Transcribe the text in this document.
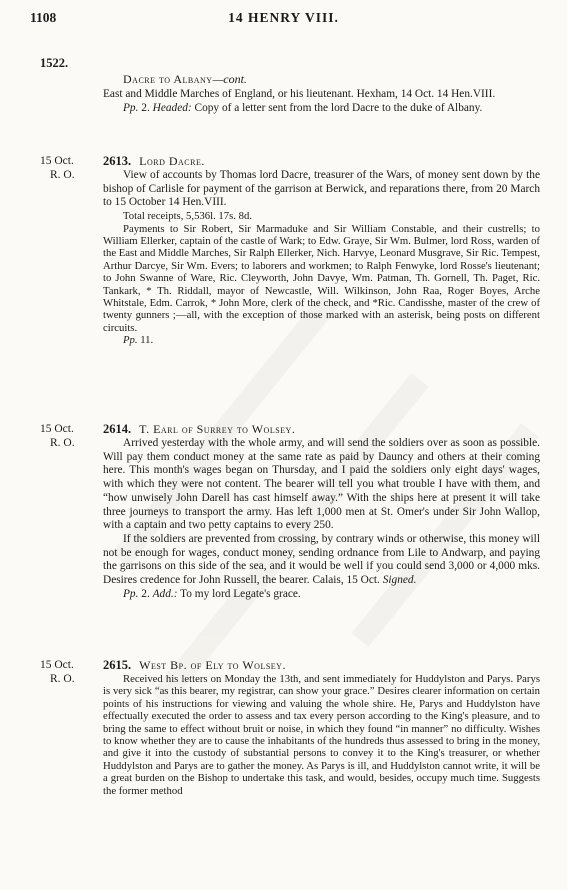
1108	14 HENRY VIII.
1522.

Dacre to Albany—cont.

East and Middle Marches of England, or his lieutenant. Hexham, 14 Oct. 14 Hen.VIII.

Pp. 2. Headed: Copy of a letter sent from the lord Dacre to the duke of Albany.

15 Oct.
R. O.

2613. Lord Dacre.

View of accounts by Thomas lord Dacre, treasurer of the Wars, of money sent down by the bishop of Carlisle for payment of the garrison at Berwick, and reparations there, from 20 March to 15 October 14 Hen.VIII.

Total receipts, 5,536l. 17s. 8d.

Payments to Sir Robert, Sir Marmaduke and Sir William Constable, and their custrells; to William Ellerker, captain of the castle of Wark; to Edw. Graye, Sir Wm. Bulmer, lord Ross, warden of the East and Middle Marches, Sir Ralph Ellerker, Nich. Harvye, Leonard Musgrave, Sir Ric. Tempest, Arthur Darcye, Sir Wm. Evers; to laborers and workmen; to Ralph Fenwyke, lord Rosse's lieutenant; to John Swanne of Ware, Ric. Cleyworth, John Davye, Wm. Patman, Th. Gornell, Th. Paget, Ric. Tankark, * Th. Riddall, mayor of Newcastle, Will. Wilkinson, John Raa, Roger Boyes, Arche Whitstale, Edm. Carrok, * John More, clerk of the check, and *Ric. Candisshe, master of the crew of twenty gunners ;—all, with the exception of those marked with an asterisk, being posts on different circuits.

Pp. 11.

15 Oct.
R. O.

2614. T. Earl of Surrey to Wolsey.

Arrived yesterday with the whole army, and will send the soldiers over as soon as possible. Will pay them conduct money at the same rate as paid by Dauncy and others at their coming here. This month's wages began on Thursday, and I paid the soldiers only eight days' wages, with which they were not content. The bearer will tell you what trouble I have with them, and “how unwisely John Darell has cast himself away.” With the ships here at present it will take three journeys to transport the army. Has left 1,000 men at St. Omer's under Sir John Wallop, with a captain and two petty captains to every 250.

If the soldiers are prevented from crossing, by contrary winds or otherwise, this money will not be enough for wages, conduct money, sending ordnance from Lile to Andwarp, and paying the garrisons on this side of the sea, and it would be well if you could send 3,000 or 4,000 mks. Desires credence for John Russell, the bearer. Calais, 15 Oct. Signed.

Pp. 2. Add.: To my lord Legate's grace.

15 Oct.
R. O.

2615. West Bp. of Ely to Wolsey.

Received his letters on Monday the 13th, and sent immediately for Huddylston and Parys. Parys is very sick “as this bearer, my registrar, can show your grace.” Desires clearer information on certain points of his instructions for viewing and valuing the whole shire. He, Parys and Huddylston have effectually executed the order to assess and tax every person according to the King's pleasure, and to bring the same to effect without bruit or noise, in which they found “in manner” no difficulty. Wishes to know whether they are to cause the inhabitants of the hundreds thus assessed to bring in the money, and give it into the custody of substantial persons to convey it to the King's treasurer, or whether Huddylston and Parys are to gather the money. As Parys is ill, and Huddylston cannot write, it will be a great burden on the Bishop to undertake this task, and would, besides, occupy much time. Suggests the former method
